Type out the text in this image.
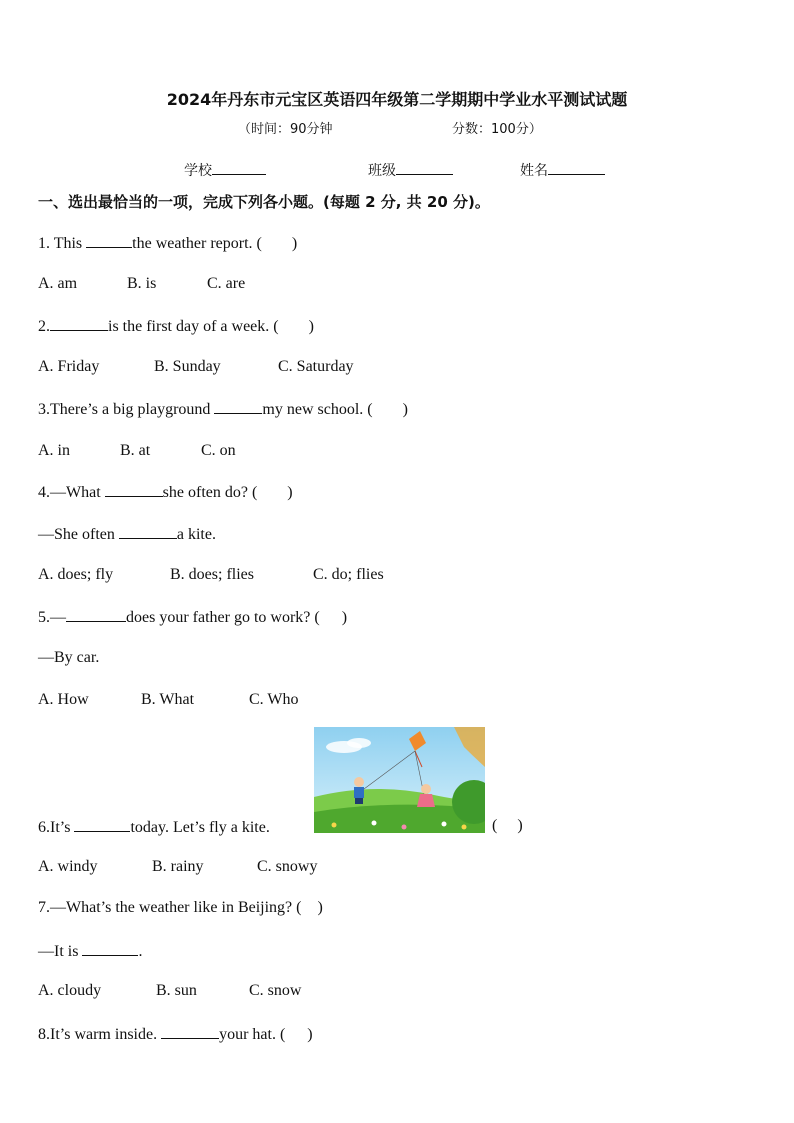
2024年丹东市元宝区英语四年级第二学期期中学业水平测试试题
（时间：90分钟	分数：100分）
学校	班级	姓名
一、选出最恰当的一项，完成下列各小题。(每题 2 分, 共 20 分)。
1. This	the weather report. ( )
A. am	B. is	C. are
2.	is the first day of a week. ( )
A. Friday	B. Sunday	C. Saturday
3.There’s a big playground	my new school. ( )
A. in	B. at	C. on
4.—What	she often do? ( )
—She often	a kite.
A. does; fly	B. does; flies	C. do; flies
5.—	does your father go to work? ( )
—By car.
A. How	B. What	C. Who
6.It’s	today. Let’s fly a kite.	( )
A. windy	B. rainy	C. snowy
7.—What’s the weather like in Beijing? ( )
—It is	.
A. cloudy	B. sun	C. snow
8.It’s warm inside.	your hat. ( )
